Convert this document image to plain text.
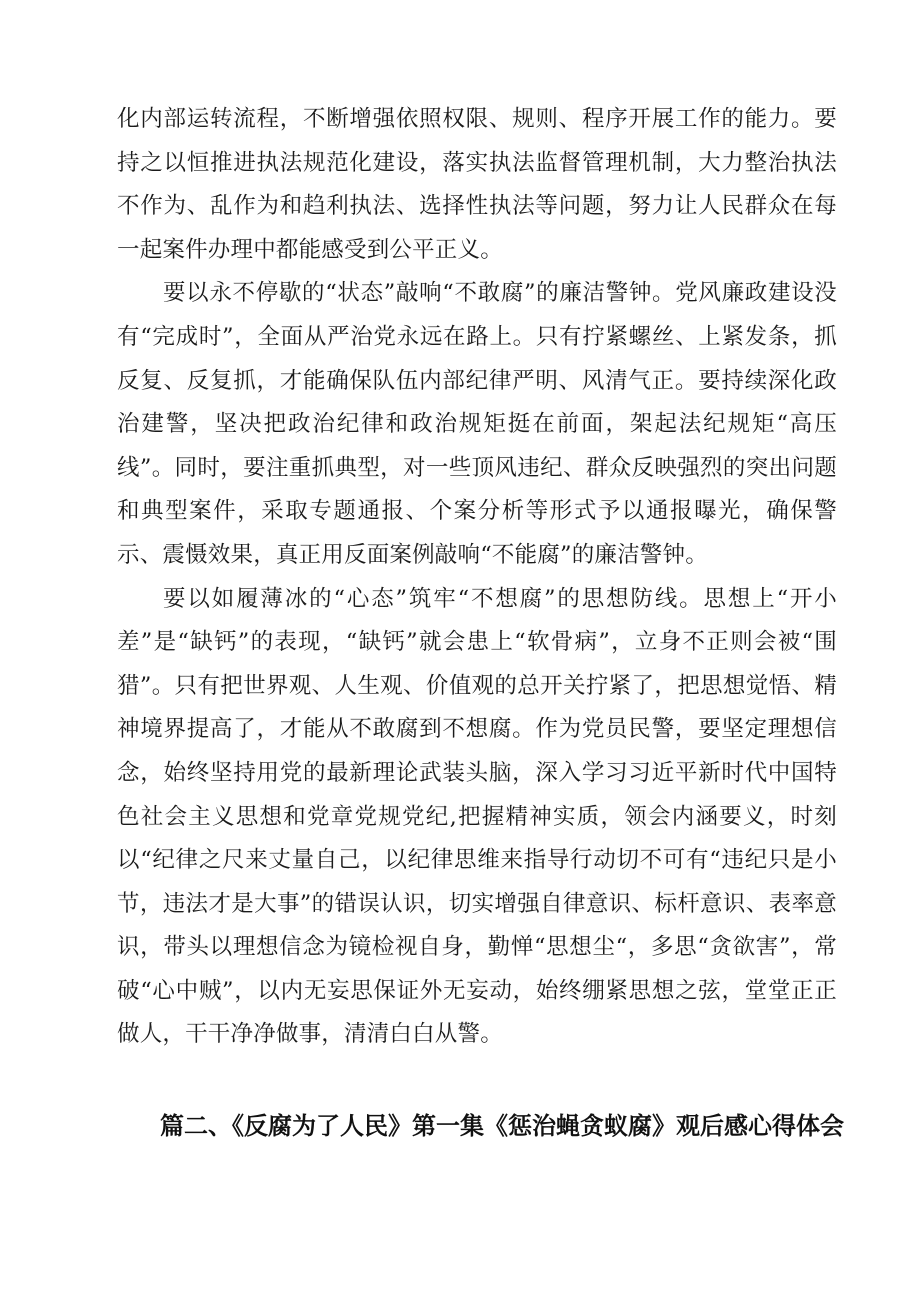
化内部运转流程，不断增强依照权限、规则、程序开展工作的能力。要持之以恒推进执法规范化建设，落实执法监督管理机制，大力整治执法不作为、乱作为和趋利执法、选择性执法等问题，努力让人民群众在每一起案件办理中都能感受到公平正义。

要以永不停歇的“状态”敲响“不敢腐”的廉洁警钟。党风廉政建设没有“完成时”，全面从严治党永远在路上。只有拧紧螺丝、上紧发条，抓反复、反复抓，才能确保队伍内部纪律严明、风清气正。要持续深化政治建警，坚决把政治纪律和政治规矩挺在前面，架起法纪规矩“高压线”。同时，要注重抓典型，对一些顶风违纪、群众反映强烈的突出问题和典型案件，采取专题通报、个案分析等形式予以通报曝光，确保警示、震慑效果，真正用反面案例敲响“不能腐”的廉洁警钟。

要以如履薄冰的“心态”筑牢“不想腐”的思想防线。思想上“开小差”是“缺钙”的表现，“缺钙”就会患上“软骨病”，立身不正则会被“围猎”。只有把世界观、人生观、价值观的总开关拧紧了，把思想觉悟、精神境界提高了，才能从不敢腐到不想腐。作为党员民警，要坚定理想信念，始终坚持用党的最新理论武装头脑，深入学习习近平新时代中国特色社会主义思想和党章党规党纪,把握精神实质，领会内涵要义，时刻以“纪律之尺来丈量自己，以纪律思维来指导行动切不可有“违纪只是小节，违法才是大事”的错误认识，切实增强自律意识、标杆意识、表率意识，带头以理想信念为镜检视自身，勤惮“思想尘“，多思“贪欲害”，常破“心中贼”，以内无妄思保证外无妄动，始终绷紧思想之弦，堂堂正正做人，干干净净做事，清清白白从警。

篇二、《反腐为了人民》第一集《惩治蝇贪蚁腐》观后感心得体会
